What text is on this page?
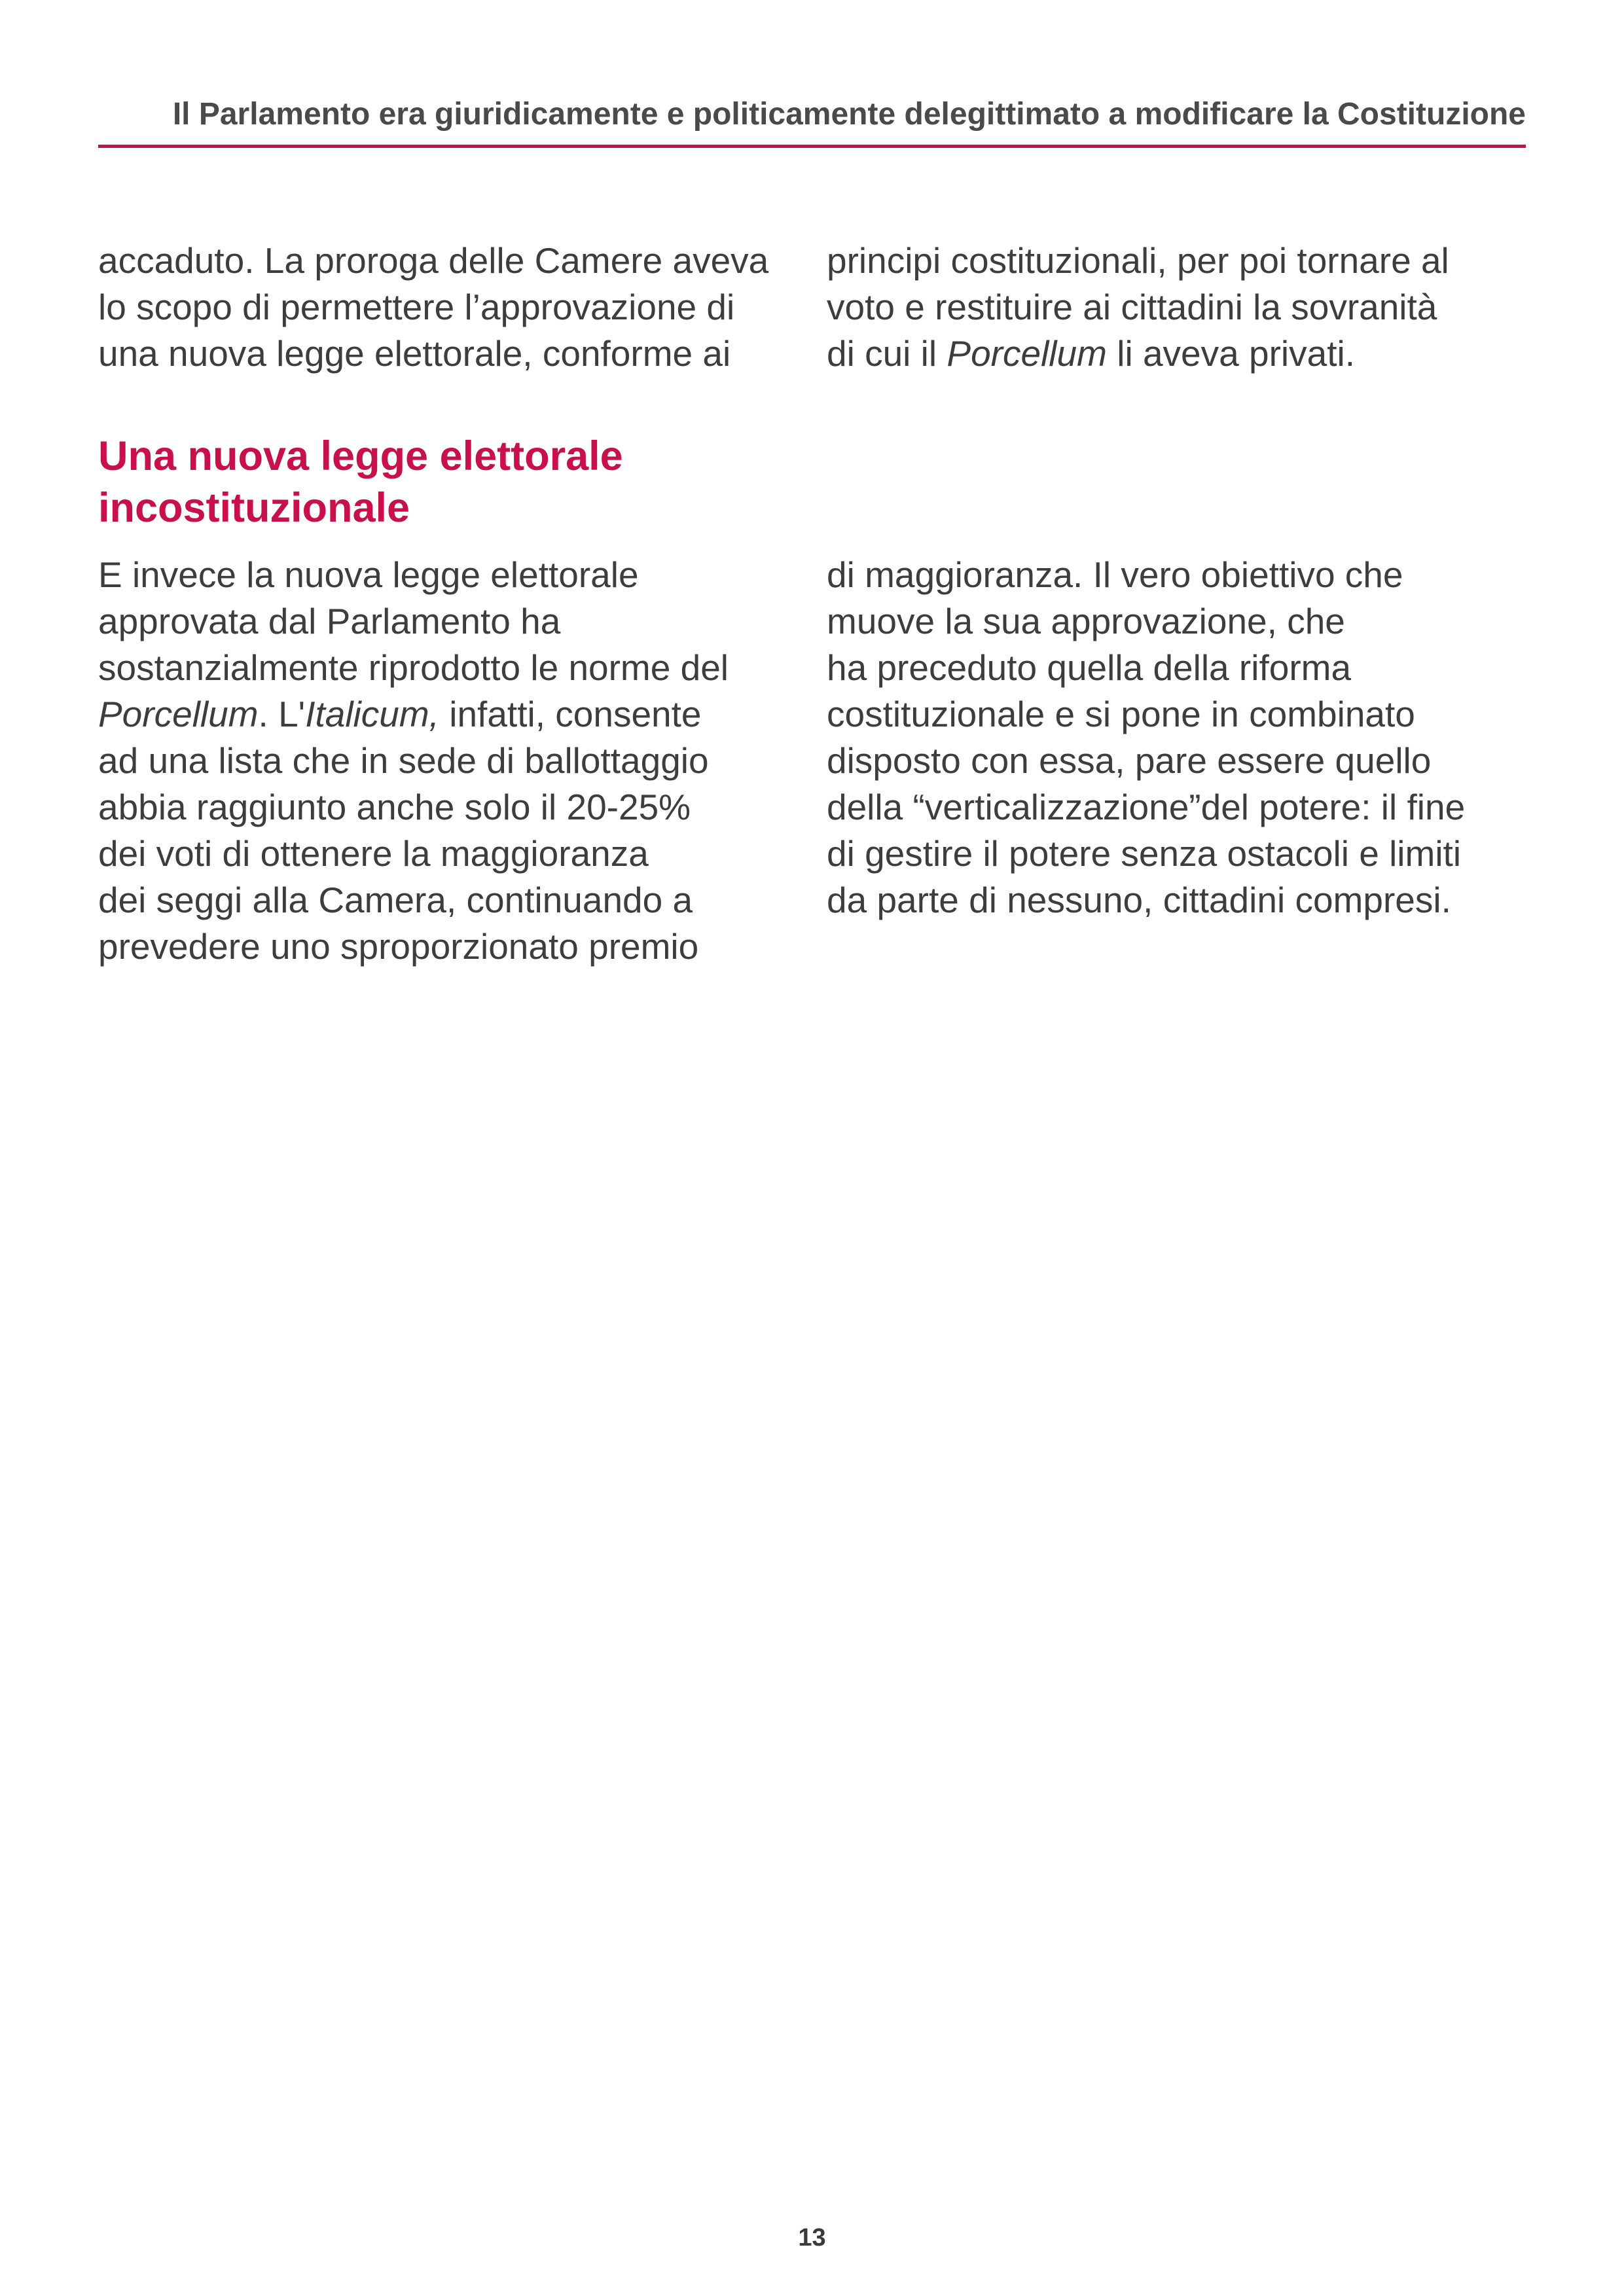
Il Parlamento era giuridicamente e politicamente delegittimato a modificare la Costituzione

accaduto. La proroga delle Camere aveva
lo scopo di permettere l’approvazione di
una nuova legge elettorale, conforme ai

principi costituzionali, per poi tornare al
voto e restituire ai cittadini la sovranità
di cui il Porcellum li aveva privati.

Una nuova legge elettorale
incostituzionale

E invece la nuova legge elettorale
approvata dal Parlamento ha
sostanzialmente riprodotto le norme del
Porcellum. L'Italicum, infatti, consente
ad una lista che in sede di ballottaggio
abbia raggiunto anche solo il 20-25%
dei voti di ottenere la maggioranza
dei seggi alla Camera, continuando a
prevedere uno sproporzionato premio

di maggioranza. Il vero obiettivo che
muove la sua approvazione, che
ha preceduto quella della riforma
costituzionale e si pone in combinato
disposto con essa, pare essere quello
della “verticalizzazione”del potere: il fine
di gestire il potere senza ostacoli e limiti
da parte di nessuno, cittadini compresi.

13
